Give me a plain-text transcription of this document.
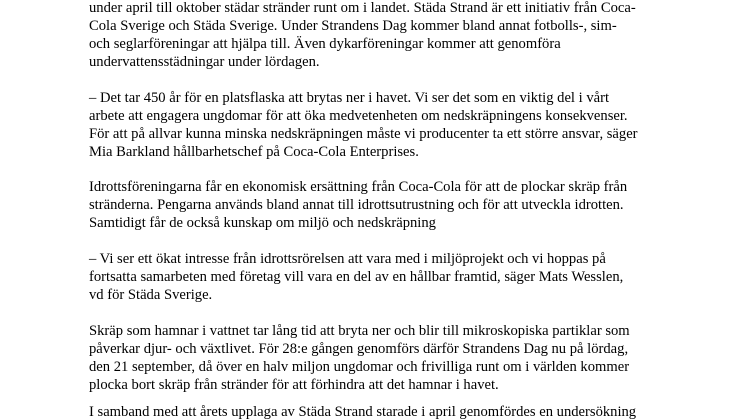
under april till oktober städar stränder runt om i landet. Städa Strand är ett initiativ från Coca-
Cola Sverige och Städa Sverige. Under Strandens Dag kommer bland annat fotbolls-, sim-
och seglarföreningar att hjälpa till. Även dykarföreningar kommer att genomföra
undervattensstädningar under lördagen.
– Det tar 450 år för en platsflaska att brytas ner i havet. Vi ser det som en viktig del i vårt
arbete att engagera ungdomar för att öka medvetenheten om nedskräpningens konsekvenser.
För att på allvar kunna minska nedskräpningen måste vi producenter ta ett större ansvar, säger
Mia Barkland hållbarhetschef på Coca-Cola Enterprises.
Idrottsföreningarna får en ekonomisk ersättning från Coca-Cola för att de plockar skräp från
stränderna. Pengarna används bland annat till idrottsutrustning och för att utveckla idrotten.
Samtidigt får de också kunskap om miljö och nedskräpning
– Vi ser ett ökat intresse från idrottsrörelsen att vara med i miljöprojekt och vi hoppas på
fortsatta samarbeten med företag vill vara en del av en hållbar framtid, säger Mats Wesslen,
vd för Städa Sverige.
Skräp som hamnar i vattnet tar lång tid att bryta ner och blir till mikroskopiska partiklar som
påverkar djur- och växtlivet. För 28:e gången genomförs därför Strandens Dag nu på lördag,
den 21 september, då över en halv miljon ungdomar och frivilliga runt om i världen kommer
plocka bort skräp från stränder för att förhindra att det hamnar i havet.
I samband med att årets upplaga av Städa Strand starade i april genomfördes en undersökning
